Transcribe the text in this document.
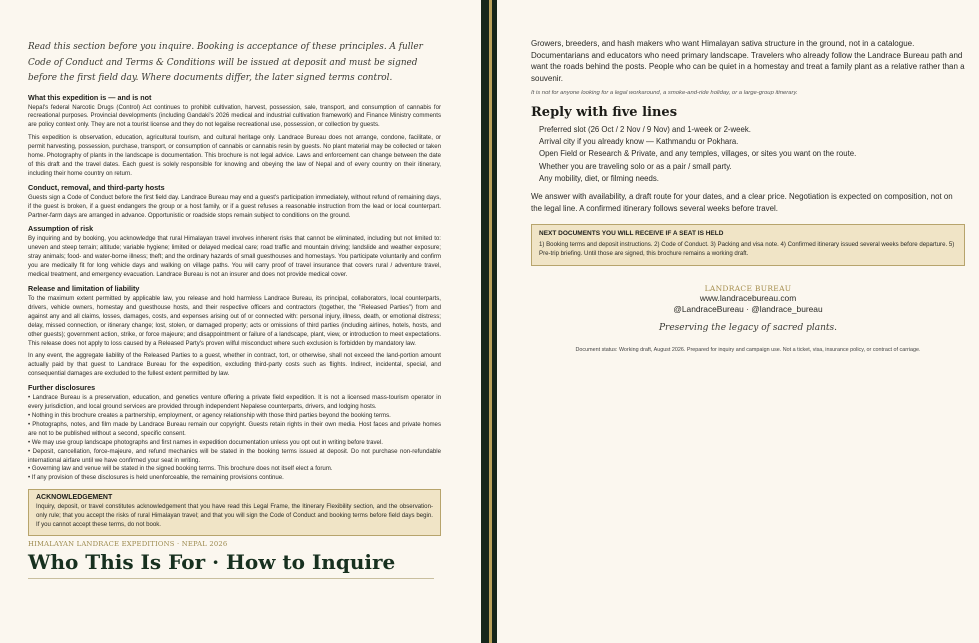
Read this section before you inquire. Booking is acceptance of these principles. A fuller Code of Conduct and Terms & Conditions will be issued at deposit and must be signed before the first field day. Where documents differ, the later signed terms control.

What this expedition is — and is not

Nepal's federal Narcotic Drugs (Control) Act continues to prohibit cultivation, harvest, possession, sale, transport, and consumption of cannabis for recreational purposes. Provincial developments (including Gandaki's 2026 medical and industrial cultivation framework) and Finance Ministry comments are policy context only. They are not a tourist license and they do not legalise recreational use, possession, or collection by guests.

This expedition is observation, education, agricultural tourism, and cultural heritage only. Landrace Bureau does not arrange, condone, facilitate, or permit harvesting, possession, purchase, transport, or consumption of cannabis or cannabis resin by guests. No plant material may be collected or taken home. Photography of plants in the landscape is documentation. This brochure is not legal advice. Laws and enforcement can change between the date of this draft and the travel dates. Each guest is solely responsible for knowing and obeying the law of Nepal and of every country on their itinerary, including their home country on return.

Conduct, removal, and third-party hosts

Guests sign a Code of Conduct before the first field day. Landrace Bureau may end a guest's participation immediately, without refund of remaining days, if the guest is broken, if a guest endangers the group or a host family, or if a guest refuses a reasonable instruction from the lead or local counterpart. Partner-farm days are arranged in advance. Opportunistic or roadside stops remain subject to conditions on the ground.

Assumption of risk

By inquiring and by booking, you acknowledge that rural Himalayan travel involves inherent risks that cannot be eliminated, including but not limited to: uneven and steep terrain; altitude; variable hygiene; limited or delayed medical care; road traffic and mountain driving; landslide and weather exposure; stray animals; food- and water-borne illness; theft; and the ordinary hazards of small guesthouses and homestays. You participate voluntarily and confirm you are medically fit for long vehicle days and walking on village paths. You will carry proof of travel insurance that covers rural / adventure travel, medical treatment, and emergency evacuation. Landrace Bureau is not an insurer and does not provide medical cover.

Release and limitation of liability

To the maximum extent permitted by applicable law, you release and hold harmless Landrace Bureau, its principal, collaborators, local counterparts, drivers, vehicle owners, homestay and guesthouse hosts, and their respective officers and contractors (together, the "Released Parties") from and against any and all claims, losses, damages, costs, and expenses arising out of or connected with: personal injury, illness, death, or emotional distress; delay, missed connection, or itinerary change; lost, stolen, or damaged property; acts or omissions of third parties (including airlines, hotels, hosts, and other guests); government action, strike, or force majeure; and disappointment or failure of a landscape, plant, view, or introduction to meet expectations. This release does not apply to loss caused by a Released Party's proven wilful misconduct where such exclusion is forbidden by mandatory law.

In any event, the aggregate liability of the Released Parties to a guest, whether in contract, tort, or otherwise, shall not exceed the land-portion amount actually paid by that guest to Landrace Bureau for the expedition, excluding third-party costs such as flights. Indirect, incidental, special, and consequential damages are excluded to the fullest extent permitted by law.

Further disclosures

• Landrace Bureau is a preservation, education, and genetics venture offering a private field expedition. It is not a licensed mass-tourism operator in every jurisdiction, and local ground services are provided through independent Nepalese counterparts, drivers, and lodging hosts.

• Nothing in this brochure creates a partnership, employment, or agency relationship with those third parties beyond the booking terms.

• Photographs, notes, and film made by Landrace Bureau remain our copyright. Guests retain rights in their own media. Host faces and private homes are not to be published without a second, specific consent.

• We may use group landscape photographs and first names in expedition documentation unless you opt out in writing before travel.

• Deposit, cancellation, force-majeure, and refund mechanics will be stated in the booking terms issued at deposit. Do not purchase non-refundable international airfare until we have confirmed your seat in writing.

• Governing law and venue will be stated in the signed booking terms. This brochure does not itself elect a forum.

• If any provision of these disclosures is held unenforceable, the remaining provisions continue.

ACKNOWLEDGEMENT
Inquiry, deposit, or travel constitutes acknowledgement that you have read this Legal Frame, the Itinerary Flexibility section, and the observation-only rule; that you accept the risks of rural Himalayan travel; and that you will sign the Code of Conduct and booking terms before field days begin. If you cannot accept these terms, do not book.
HIMALAYAN LANDRACE EXPEDITIONS · NEPAL 2026
Who This Is For · How to Inquire

Growers, breeders, and hash makers who want Himalayan sativa structure in the ground, not in a catalogue. Documentarians and educators who need primary landscape. Travelers who already follow the Landrace Bureau path and want the roads behind the posts. People who can be quiet in a homestay and treat a family plant as a relative rather than a souvenir.

It is not for anyone looking for a legal workaround, a smoke-and-ride holiday, or a large-group itinerary.

Reply with five lines
Preferred slot (26 Oct / 2 Nov / 9 Nov) and 1-week or 2-week.
Arrival city if you already know — Kathmandu or Pokhara.
Open Field or Research & Private, and any temples, villages, or sites you want on the route.
Whether you are traveling solo or as a pair / small party.
Any mobility, diet, or filming needs.

We answer with availability, a draft route for your dates, and a clear price. Negotiation is expected on composition, not on the legal line. A confirmed itinerary follows several weeks before travel.

NEXT DOCUMENTS YOU WILL RECEIVE IF A SEAT IS HELD
1) Booking terms and deposit instructions. 2) Code of Conduct. 3) Packing and visa note. 4) Confirmed itinerary issued several weeks before departure. 5) Pre-trip briefing. Until those are signed, this brochure remains a working draft.
LANDRACE BUREAU
www.landracebureau.com
@LandraceBureau · @landrace_bureau
Preserving the legacy of sacred plants.
Document status: Working draft, August 2026. Prepared for inquiry and campaign use. Not a ticket, visa, insurance policy, or contract of carriage.
